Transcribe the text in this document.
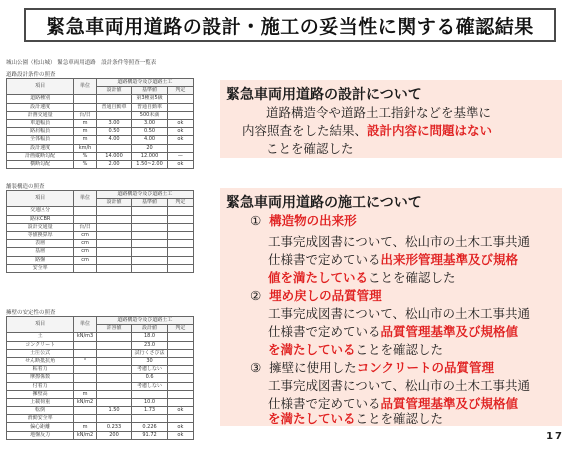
緊急車両用道路の設計・施工の妥当性に関する確認結果
城山公園（松山城） 緊急車両用道路　設計条件等照査一覧表
道路設計条件の照査
項目	単位	道路構造令及び道路土工		
		設計値	基準値	判定
道路種別			第3種第5級	
設計速度		普通自動車	普通自動車	
計画交通量	台/日		500未満	
車道幅員	m	3.00	3.00	ok
路肩幅員	m	0.50	0.50	ok
全体幅員	m	4.00	4.00	ok
設計速度	km/h		20	
計画縦断勾配	%	14.000	12.000	—
横断勾配	%	2.00	1.50~2.00	ok
舗装構造の照査
項目	単位	道路構造令及び道路土工		
		設計値	基準値	判定
交通区分				
路床CBR				
設計交通量	台/日			
等値換算厚	cm			
表層	cm			
基層	cm			
路盤	cm			
安全率				
擁壁の安定性の照査
項目	単位	道路構造令及び道路土工		
		許容値	設計値	判定
土	kN/m3		18.0	
コンクリート			23.0	
土圧公式			試行くさび法	
せん断抵抗角	°		30	
粘着力			考慮しない	
摩擦係数			0.6	
付着力			考慮しない	
擁壁高	m			
上載荷重	kN/m2		10.0	
転倒		1.50	1.73	ok
滑動安全率				
偏心距離	m	0.233	0.226	ok
地盤反力	kN/m2	200	91.72	ok
緊急車両用道路の設計について
道路構造令や道路土工指針などを基準に
内容照査をした結果、設計内容に問題はない
ことを確認した
緊急車両用道路の施工について
① 構造物の出来形
工事完成図書について、松山市の土木工事共通
仕様書で定めている出来形管理基準及び規格
値を満たしていることを確認した
② 埋め戻しの品質管理
工事完成図書について、松山市の土木工事共通
仕様書で定めている品質管理基準及び規格値
を満たしていることを確認した
③ 擁壁に使用したコンクリートの品質管理
工事完成図書について、松山市の土木工事共通
仕様書で定めている品質管理基準及び規格値
を満たしていることを確認した
17
